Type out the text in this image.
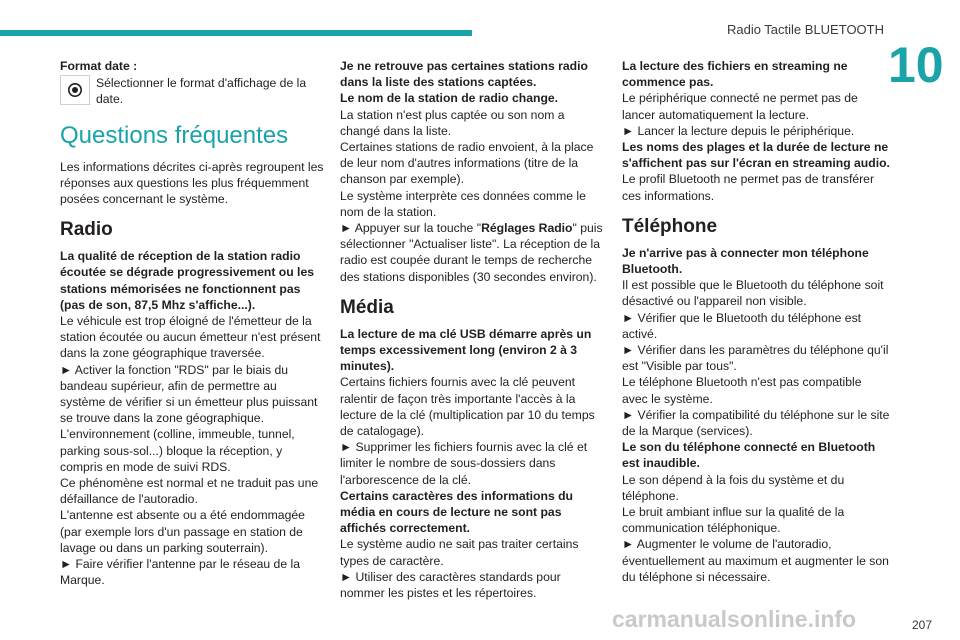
Radio Tactile BLUETOOTH
10
207
carmanualsonline.info

Format date :

Sélectionner le format d'affichage de la date.

Questions fréquentes

Les informations décrites ci-après regroupent les réponses aux questions les plus fréquemment posées concernant le système.

Radio

La qualité de réception de la station radio écoutée se dégrade progressivement ou les stations mémorisées ne fonctionnent pas (pas de son, 87,5 Mhz s'affiche...).

Le véhicule est trop éloigné de l'émetteur de la station écoutée ou aucun émetteur n'est présent dans la zone géographique traversée.

► Activer la fonction "RDS" par le biais du bandeau supérieur, afin de permettre au système de vérifier si un émetteur plus puissant se trouve dans la zone géographique.

L'environnement (colline, immeuble, tunnel, parking sous-sol...) bloque la réception, y compris en mode de suivi RDS.

Ce phénomène est normal et ne traduit pas une défaillance de l'autoradio.

L'antenne est absente ou a été endommagée (par exemple lors d'un passage en station de lavage ou dans un parking souterrain).

► Faire vérifier l'antenne par le réseau de la Marque.

Je ne retrouve pas certaines stations radio dans la liste des stations captées.

Le nom de la station de radio change.

La station n'est plus captée ou son nom a changé dans la liste.

Certaines stations de radio envoient, à la place de leur nom d'autres informations (titre de la chanson par exemple).

Le système interprète ces données comme le nom de la station.

► Appuyer sur la touche "Réglages Radio" puis sélectionner "Actualiser liste". La réception de la radio est coupée durant le temps de recherche des stations disponibles (30 secondes environ).

Média

La lecture de ma clé USB démarre après un temps excessivement long (environ 2 à 3 minutes).

Certains fichiers fournis avec la clé peuvent ralentir de façon très importante l'accès à la lecture de la clé (multiplication par 10 du temps de catalogage).

► Supprimer les fichiers fournis avec la clé et limiter le nombre de sous-dossiers dans l'arborescence de la clé.

Certains caractères des informations du média en cours de lecture ne sont pas affichés correctement.

Le système audio ne sait pas traiter certains types de caractère.

► Utiliser des caractères standards pour nommer les pistes et les répertoires.

La lecture des fichiers en streaming ne commence pas.

Le périphérique connecté ne permet pas de lancer automatiquement la lecture.

► Lancer la lecture depuis le périphérique.

Les noms des plages et la durée de lecture ne s'affichent pas sur l'écran en streaming audio.

Le profil Bluetooth ne permet pas de transférer ces informations.

Téléphone

Je n'arrive pas à connecter mon téléphone Bluetooth.

Il est possible que le Bluetooth du téléphone soit désactivé ou l'appareil non visible.

► Vérifier que le Bluetooth du téléphone est activé.

► Vérifier dans les paramètres du téléphone qu'il est "Visible par tous".

Le téléphone Bluetooth n'est pas compatible avec le système.

► Vérifier la compatibilité du téléphone sur le site de la Marque (services).

Le son du téléphone connecté en Bluetooth est inaudible.

Le son dépend à la fois du système et du téléphone.

Le bruit ambiant influe sur la qualité de la communication téléphonique.

► Augmenter le volume de l'autoradio, éventuellement au maximum et augmenter le son du téléphone si nécessaire.
